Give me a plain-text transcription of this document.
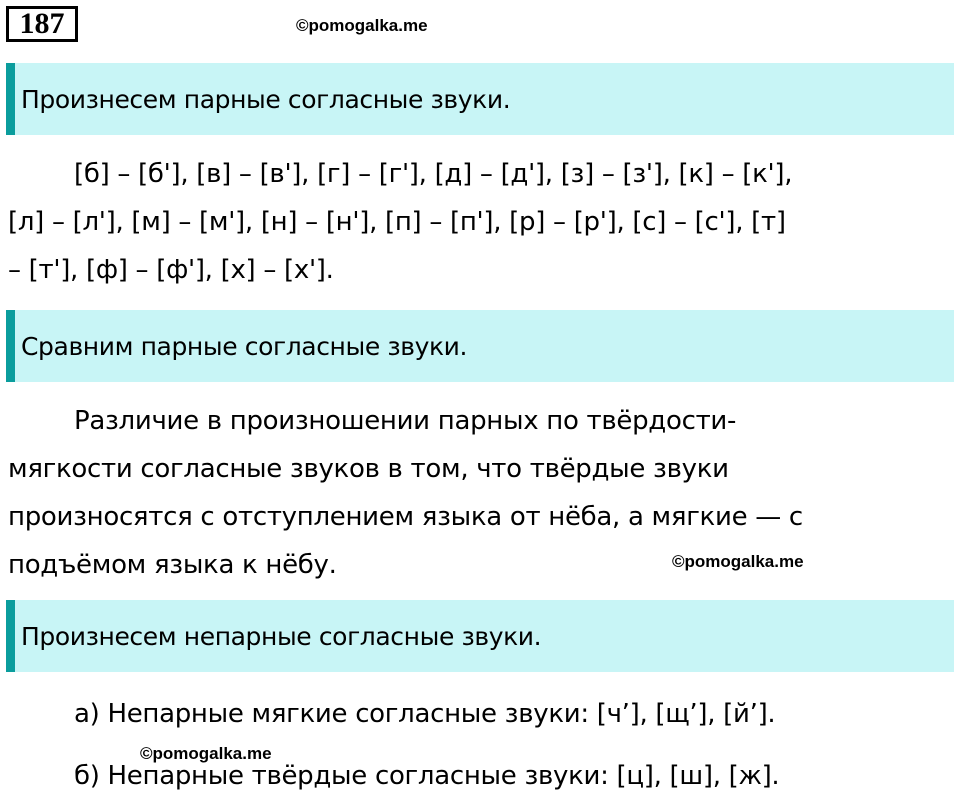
187	©pomogalka.me
Произнесем парные согласные звуки.
[б] – [б'], [в] – [в'], [г] – [г'], [д] – [д'], [з] – [з'], [к] – [к'],
[л] – [л'], [м] – [м'], [н] – [н'], [п] – [п'], [р] – [р'], [с] – [с'], [т]
– [т'], [ф] – [ф'], [х] – [х'].
Сравним парные согласные звуки.
Различие в произношении парных по твёрдости-
мягкости согласные звуков в том, что твёрдые звуки
произносятся с отступлением языка от нёба, а мягкие — с
подъёмом языка к нёбу.	©pomogalka.me
Произнесем непарные согласные звуки.
а) Непарные мягкие согласные звуки: [ч’], [щ’], [й’].
©pomogalka.me
б) Непарные твёрдые согласные звуки: [ц], [ш], [ж].
